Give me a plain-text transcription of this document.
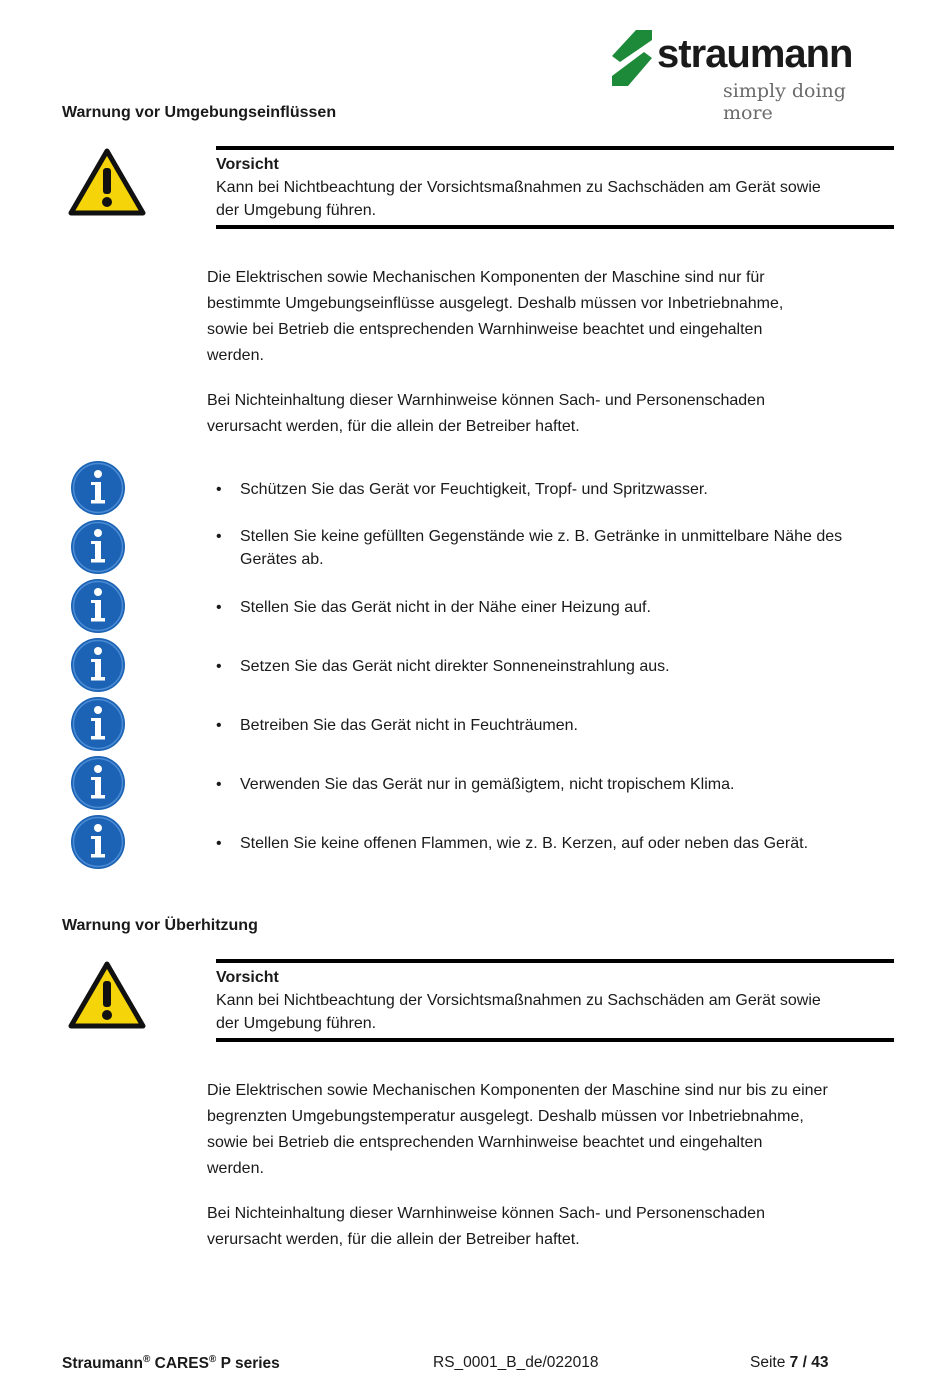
straumann
simply doing more
Warnung vor Umgebungseinflüssen
Vorsicht
Kann bei Nichtbeachtung der Vorsichtsmaßnahmen zu Sachschäden am Gerät sowie
der Umgebung führen.
Die Elektrischen sowie Mechanischen Komponenten der Maschine sind nur für
bestimmte Umgebungseinflüsse ausgelegt. Deshalb müssen vor Inbetriebnahme,
sowie bei Betrieb die entsprechenden Warnhinweise beachtet und eingehalten
werden.
Bei Nichteinhaltung dieser Warnhinweise können Sach- und Personenschaden
verursacht werden, für die allein der Betreiber haftet.
• Schützen Sie das Gerät vor Feuchtigkeit, Tropf- und Spritzwasser.
• Stellen Sie keine gefüllten Gegenstände wie z. B. Getränke in unmittelbare Nähe des
Gerätes ab.
• Stellen Sie das Gerät nicht in der Nähe einer Heizung auf.
• Setzen Sie das Gerät nicht direkter Sonneneinstrahlung aus.
• Betreiben Sie das Gerät nicht in Feuchträumen.
• Verwenden Sie das Gerät nur in gemäßigtem, nicht tropischem Klima.
• Stellen Sie keine offenen Flammen, wie z. B. Kerzen, auf oder neben das Gerät.
Warnung vor Überhitzung
Vorsicht
Kann bei Nichtbeachtung der Vorsichtsmaßnahmen zu Sachschäden am Gerät sowie
der Umgebung führen.
Die Elektrischen sowie Mechanischen Komponenten der Maschine sind nur bis zu einer
begrenzten Umgebungstemperatur ausgelegt. Deshalb müssen vor Inbetriebnahme,
sowie bei Betrieb die entsprechenden Warnhinweise beachtet und eingehalten
werden.
Bei Nichteinhaltung dieser Warnhinweise können Sach- und Personenschaden
verursacht werden, für die allein der Betreiber haftet.
Straumann® CARES® P series	RS_0001_B_de/022018	Seite 7 / 43
